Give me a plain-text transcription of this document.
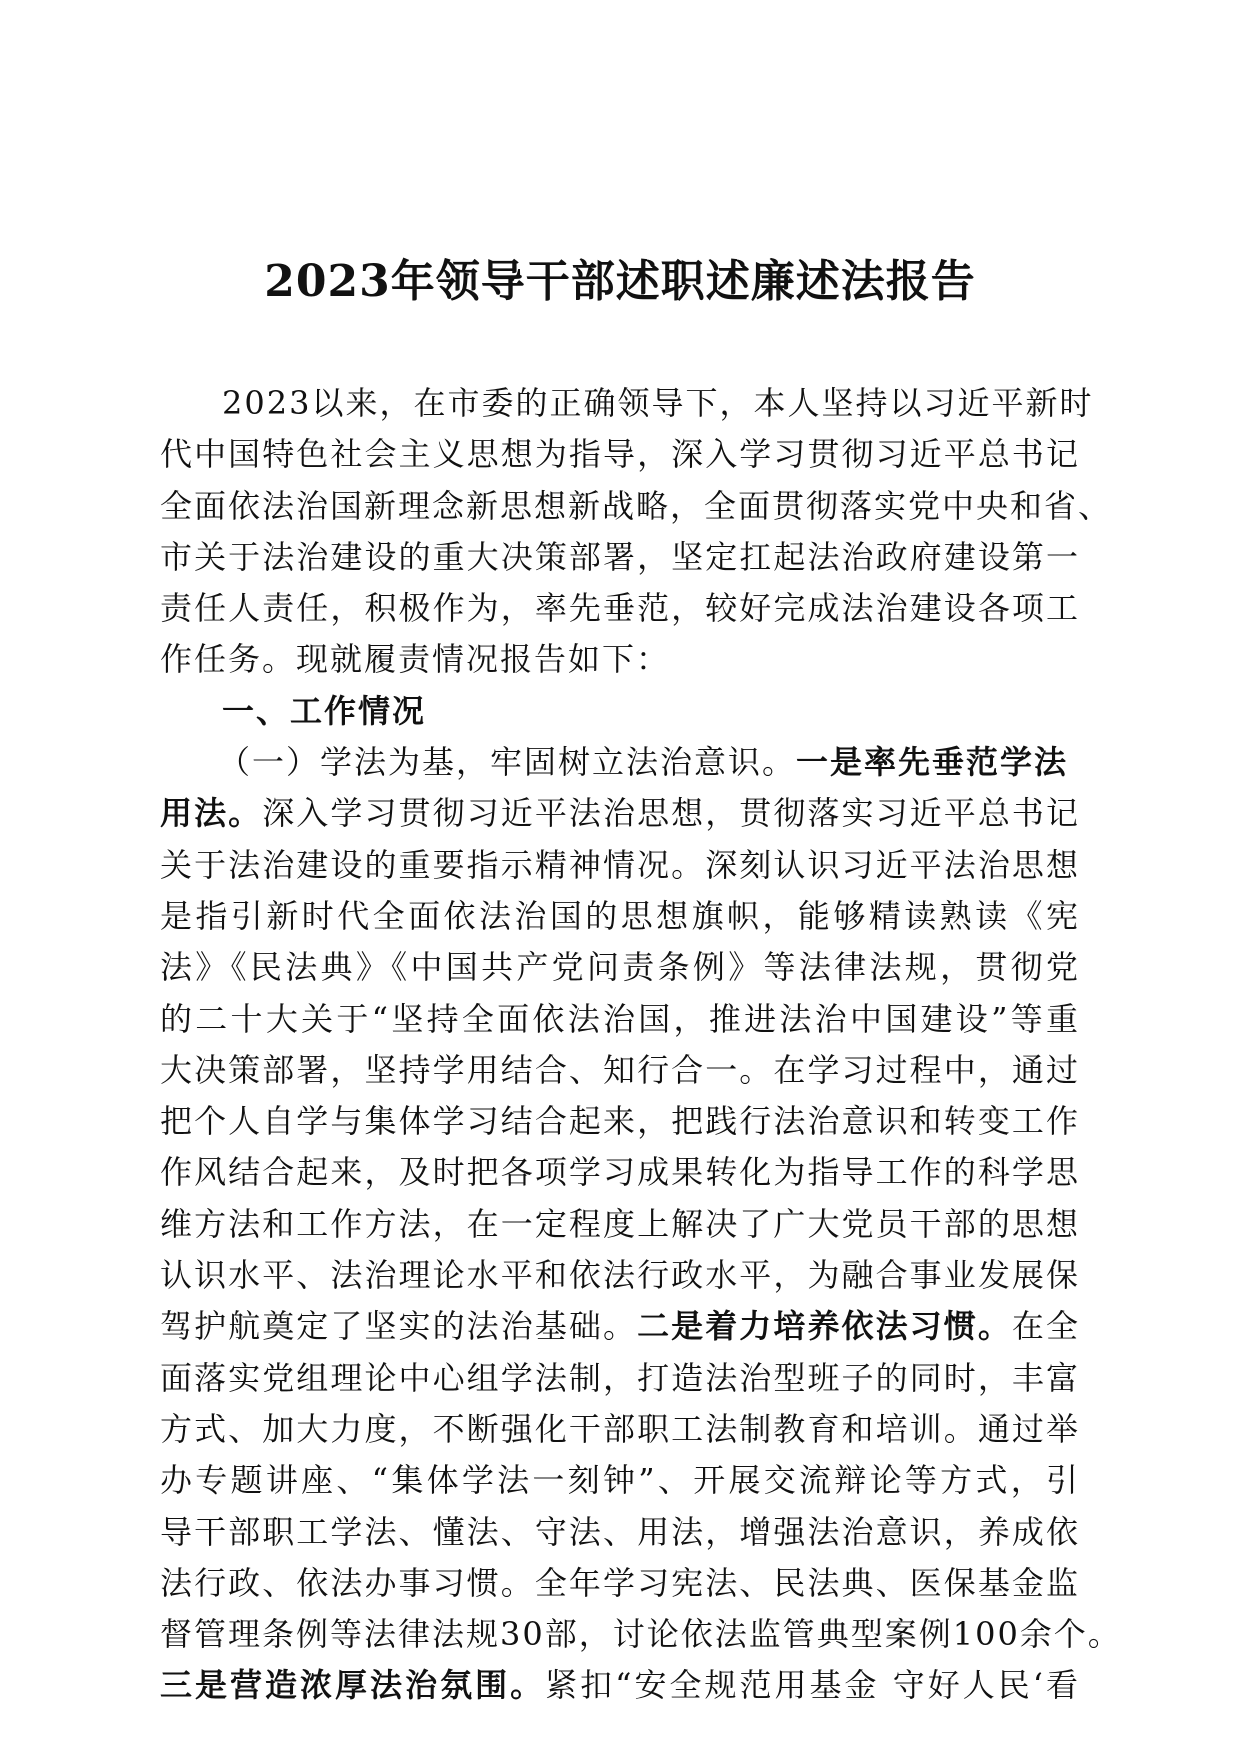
2023年领导干部述职述廉述法报告
2023以来，在市委的正确领导下，本人坚持以习近平新时
代中国特色社会主义思想为指导，深入学习贯彻习近平总书记
全面依法治国新理念新思想新战略，全面贯彻落实党中央和省、
市关于法治建设的重大决策部署，坚定扛起法治政府建设第一
责任人责任，积极作为，率先垂范，较好完成法治建设各项工
作任务。现就履责情况报告如下：
一、工作情况
（一）学法为基，牢固树立法治意识。一是率先垂范学法
用法。深入学习贯彻习近平法治思想，贯彻落实习近平总书记
关于法治建设的重要指示精神情况。深刻认识习近平法治思想
是指引新时代全面依法治国的思想旗帜，能够精读熟读《宪
法》《民法典》《中国共产党问责条例》等法律法规，贯彻党
的二十大关于“坚持全面依法治国，推进法治中国建设”等重
大决策部署，坚持学用结合、知行合一。在学习过程中，通过
把个人自学与集体学习结合起来，把践行法治意识和转变工作
作风结合起来，及时把各项学习成果转化为指导工作的科学思
维方法和工作方法，在一定程度上解决了广大党员干部的思想
认识水平、法治理论水平和依法行政水平，为融合事业发展保
驾护航奠定了坚实的法治基础。二是着力培养依法习惯。在全
面落实党组理论中心组学法制，打造法治型班子的同时，丰富
方式、加大力度，不断强化干部职工法制教育和培训。通过举
办专题讲座、“集体学法一刻钟”、开展交流辩论等方式，引
导干部职工学法、懂法、守法、用法，增强法治意识，养成依
法行政、依法办事习惯。全年学习宪法、民法典、医保基金监
督管理条例等法律法规30部，讨论依法监管典型案例100余个。
三是营造浓厚法治氛围。紧扣“安全规范用基金 守好人民‘看
